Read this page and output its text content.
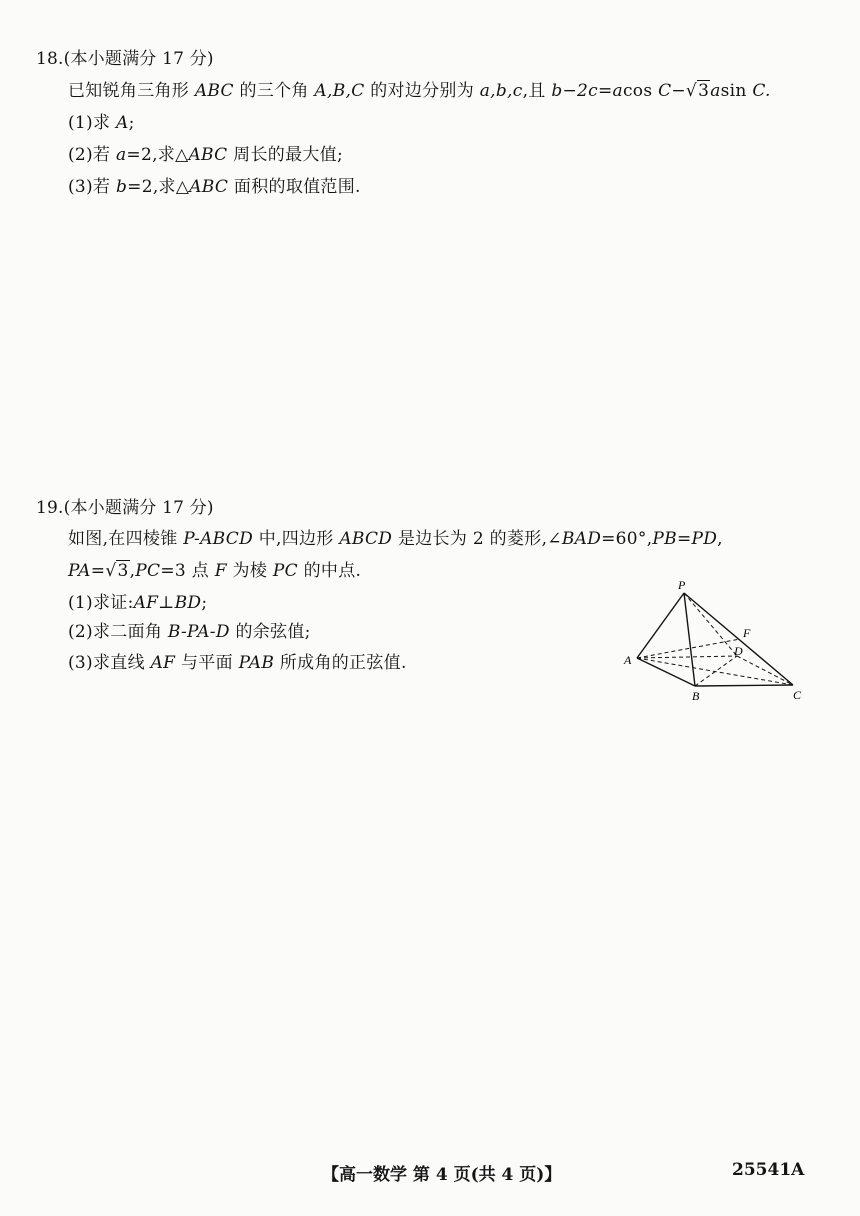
18.(本小题满分 17 分)
已知锐角三角形 ABC 的三个角 A,B,C 的对边分别为 a,b,c,且 b−2c=acos C−√3asin C.
(1)求 A;
(2)若 a=2,求△ABC 周长的最大值;
(3)若 b=2,求△ABC 面积的取值范围.
19.(本小题满分 17 分)
如图,在四棱锥 P-ABCD 中,四边形 ABCD 是边长为 2 的菱形,∠BAD=60°,PB=PD,
PA=√3,PC=3 点 F 为棱 PC 的中点.
(1)求证:AF⊥BD;
(2)求二面角 B-PA-D 的余弦值;
(3)求直线 AF 与平面 PAB 所成角的正弦值.
P
A
B	C
D
F
【高一数学 第 4 页(共 4 页)】	25541A
